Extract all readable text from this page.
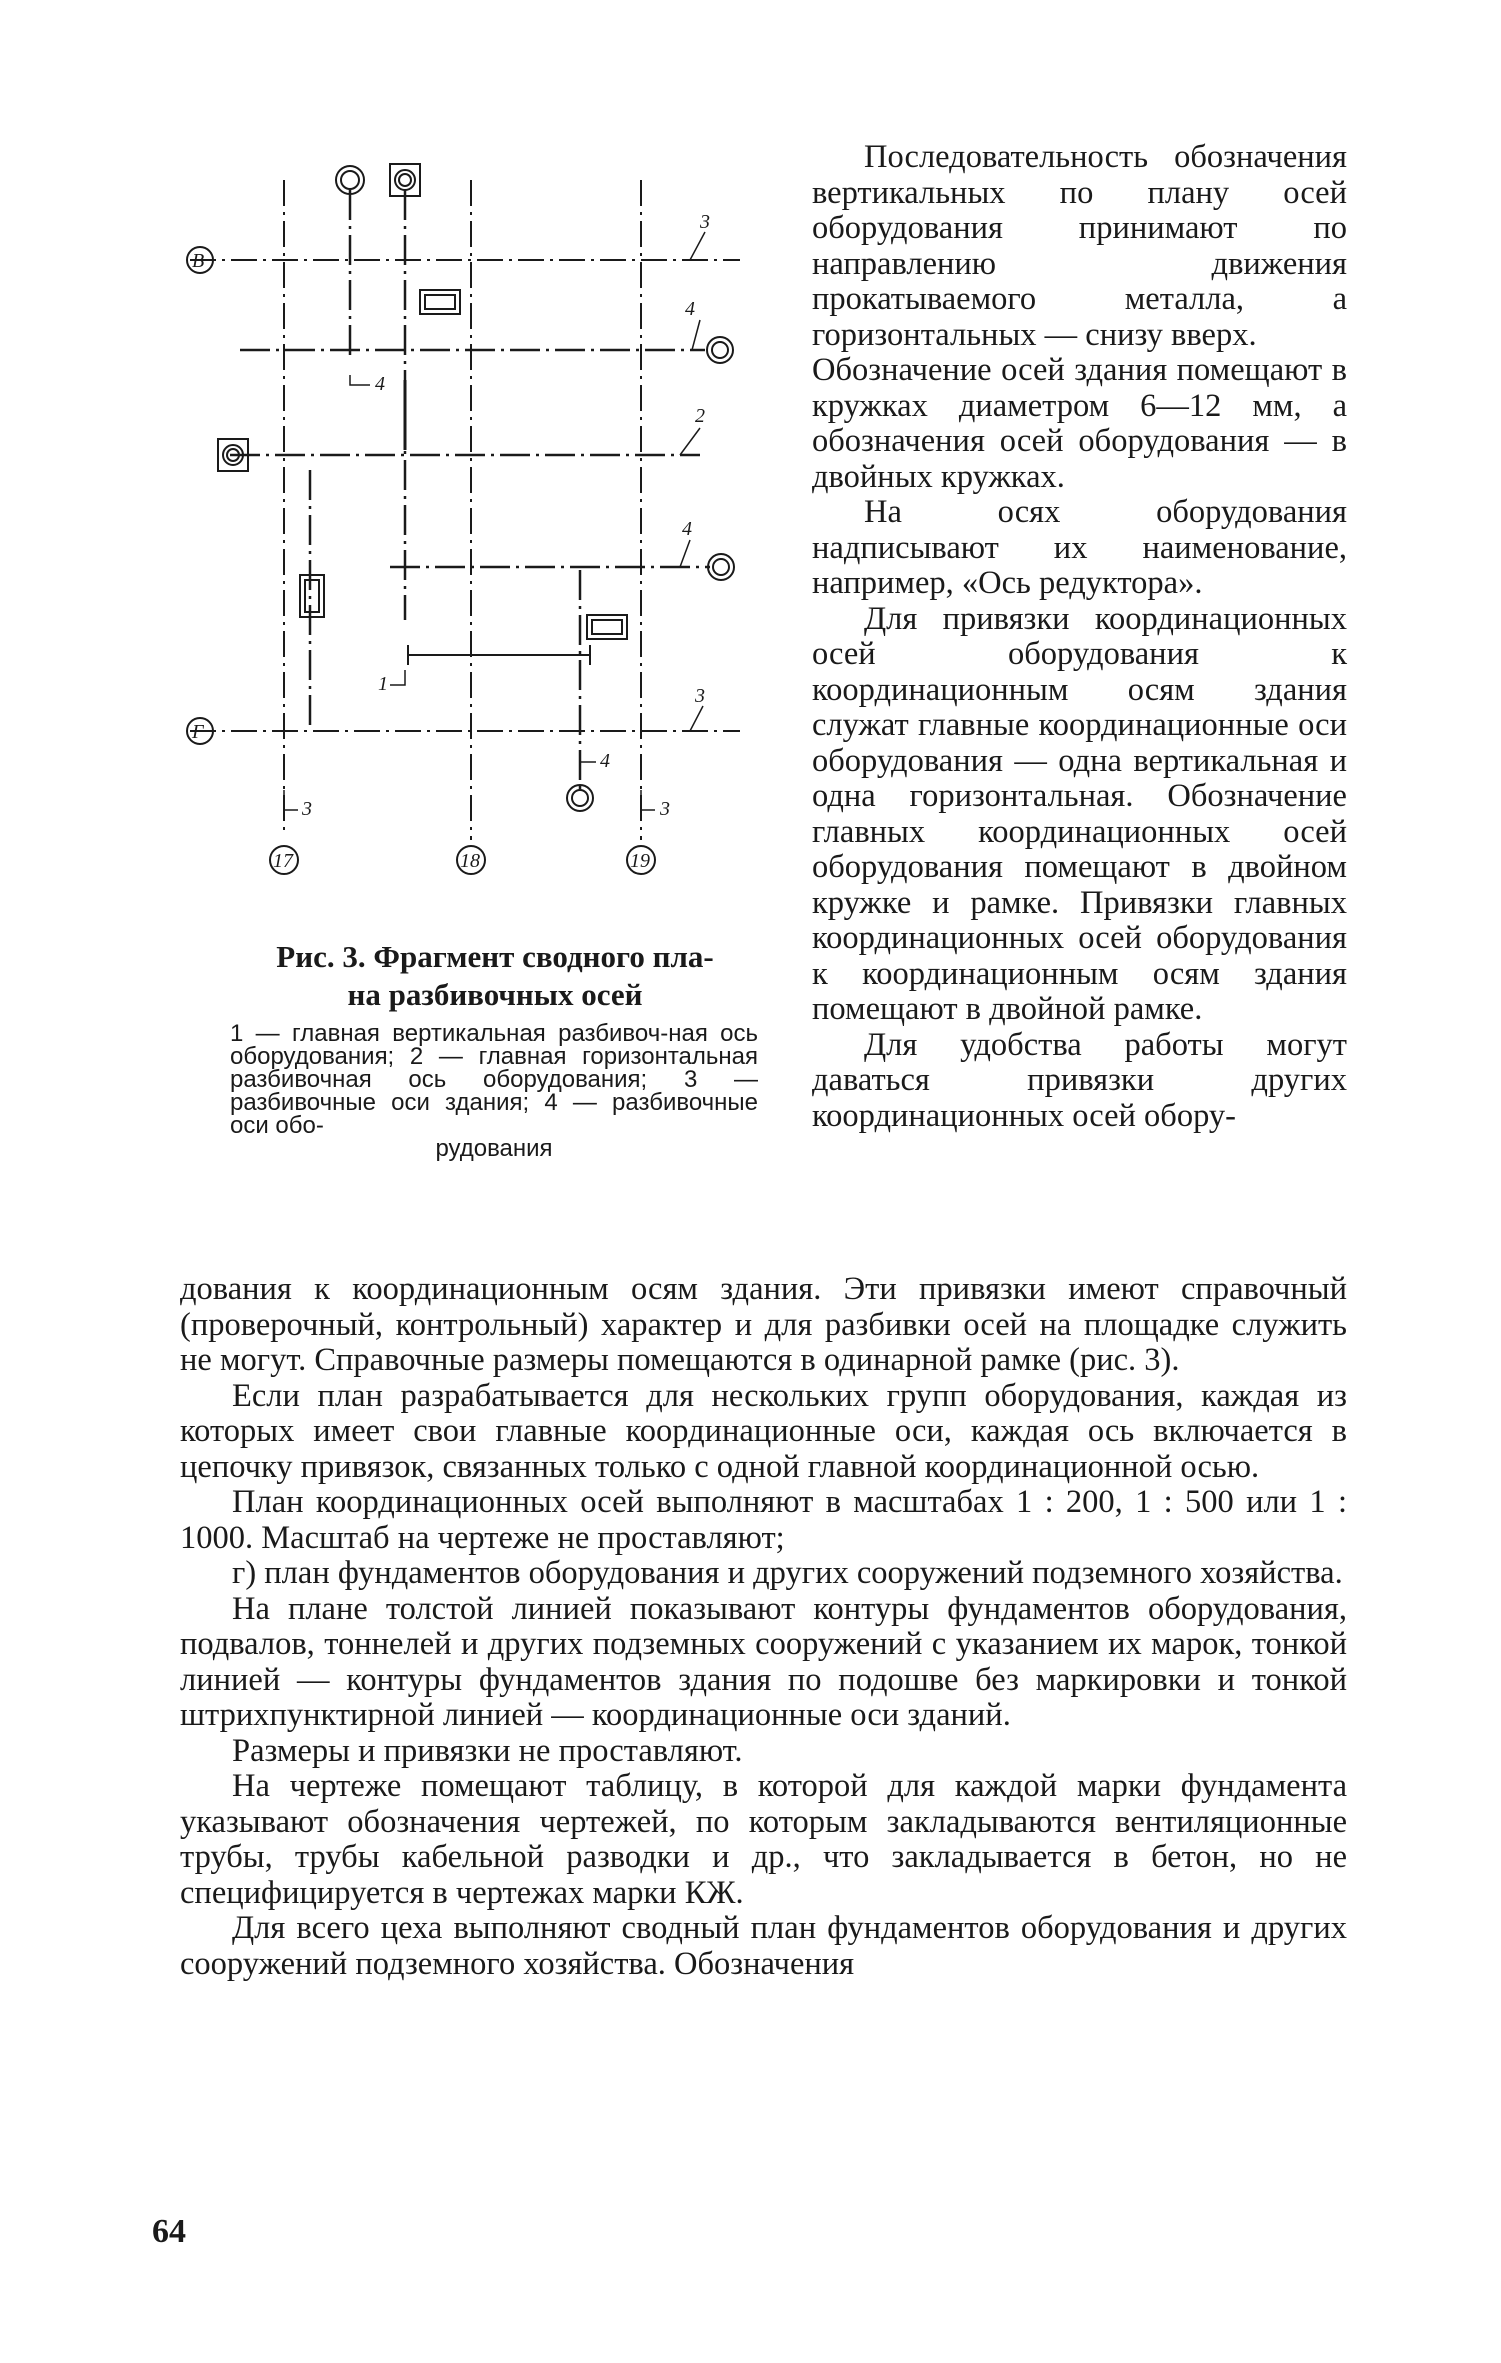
В
Г
17	18	19
3
4
2
4
4
1
3
4
3	3
Рис. 3. Фрагмент сводного пла-
на разбивочных осей
1 — главная вертикальная разбивоч-ная ось оборудования; 2 — главная горизонтальная разбивочная ось оборудования; 3 — разбивочные оси здания; 4 — разбивочные оси обо-
рудования

Последовательность обозначения вертикальных по плану осей оборудования принимают по направлению движения прокатываемого металла, а горизонтальных — снизу вверх.

Обозначение осей здания помещают в кружках диаметром 6—12 мм, а обозначения осей оборудования — в двойных кружках.

На осях оборудования надписывают их наименование, например, «Ось редуктора».

Для привязки координационных осей оборудования к координационным осям здания служат главные координационные оси оборудования — одна вертикальная и одна горизонтальная. Обозначение главных координационных осей оборудования помещают в двойном кружке и рамке. Привязки главных координационных осей оборудования к координационным осям здания помещают в двойной рамке.

Для удобства работы могут даваться привязки других координационных осей обору-

дования к координационным осям здания. Эти привязки имеют справочный (проверочный, контрольный) характер и для разбивки осей на площадке служить не могут. Справочные размеры помещаются в одинарной рамке (рис. 3).

Если план разрабатывается для нескольких групп оборудования, каждая из которых имеет свои главные координационные оси, каждая ось включается в цепочку привязок, связанных только с одной главной координационной осью.

План координационных осей выполняют в масштабах 1 : 200, 1 : 500 или 1 : 1000. Масштаб на чертеже не проставляют;

г) план фундаментов оборудования и других сооружений подземного хозяйства.

На плане толстой линией показывают контуры фундаментов оборудования, подвалов, тоннелей и других подземных сооружений с указанием их марок, тонкой линией — контуры фундаментов здания по подошве без маркировки и тонкой штрихпунктирной линией — координационные оси зданий.

Размеры и привязки не проставляют.

На чертеже помещают таблицу, в которой для каждой марки фундамента указывают обозначения чертежей, по которым закладываются вентиляционные трубы, трубы кабельной разводки и др., что закладывается в бетон, но не специфицируется в чертежах марки КЖ.

Для всего цеха выполняют сводный план фундаментов оборудования и других сооружений подземного хозяйства. Обозначения

64
